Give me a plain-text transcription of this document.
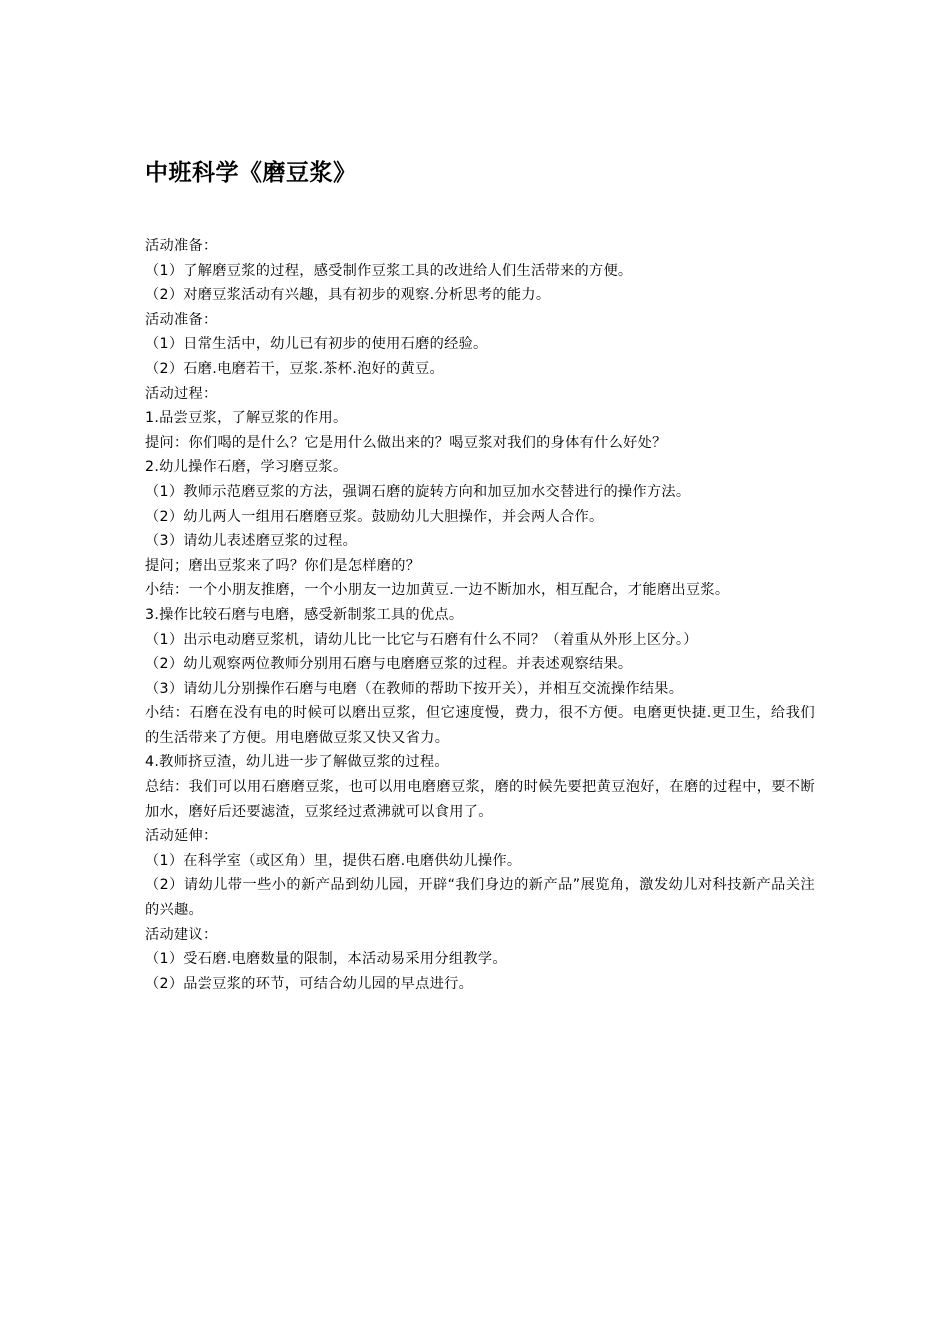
中班科学《磨豆浆》

活动准备：

（1）了解磨豆浆的过程，感受制作豆浆工具的改进给人们生活带来的方便。

（2）对磨豆浆活动有兴趣，具有初步的观察.分析思考的能力。

活动准备：

（1）日常生活中，幼儿已有初步的使用石磨的经验。

（2）石磨.电磨若干，豆浆.茶杯.泡好的黄豆。

活动过程：

1.品尝豆浆，了解豆浆的作用。

提问：你们喝的是什么？它是用什么做出来的？喝豆浆对我们的身体有什么好处？

2.幼儿操作石磨，学习磨豆浆。

（1）教师示范磨豆浆的方法，强调石磨的旋转方向和加豆加水交替进行的操作方法。

（2）幼儿两人一组用石磨磨豆浆。鼓励幼儿大胆操作，并会两人合作。

（3）请幼儿表述磨豆浆的过程。

提问；磨出豆浆来了吗？你们是怎样磨的？

小结：一个小朋友推磨，一个小朋友一边加黄豆.一边不断加水，相互配合，才能磨出豆浆。

3.操作比较石磨与电磨，感受新制浆工具的优点。

（1）出示电动磨豆浆机，请幼儿比一比它与石磨有什么不同？（着重从外形上区分。）

（2）幼儿观察两位教师分别用石磨与电磨磨豆浆的过程。并表述观察结果。

（3）请幼儿分别操作石磨与电磨（在教师的帮助下按开关），并相互交流操作结果。

小结：石磨在没有电的时候可以磨出豆浆，但它速度慢，费力，很不方便。电磨更快捷.更卫生，给我们的生活带来了方便。用电磨做豆浆又快又省力。

4.教师挤豆渣，幼儿进一步了解做豆浆的过程。

总结：我们可以用石磨磨豆浆，也可以用电磨磨豆浆，磨的时候先要把黄豆泡好，在磨的过程中，要不断加水，磨好后还要滤渣，豆浆经过煮沸就可以食用了。

活动延伸：

（1）在科学室（或区角）里，提供石磨.电磨供幼儿操作。

（2）请幼儿带一些小的新产品到幼儿园，开辟“我们身边的新产品”展览角，激发幼儿对科技新产品关注的兴趣。

活动建议：

（1）受石磨.电磨数量的限制，本活动易采用分组教学。

（2）品尝豆浆的环节，可结合幼儿园的早点进行。
